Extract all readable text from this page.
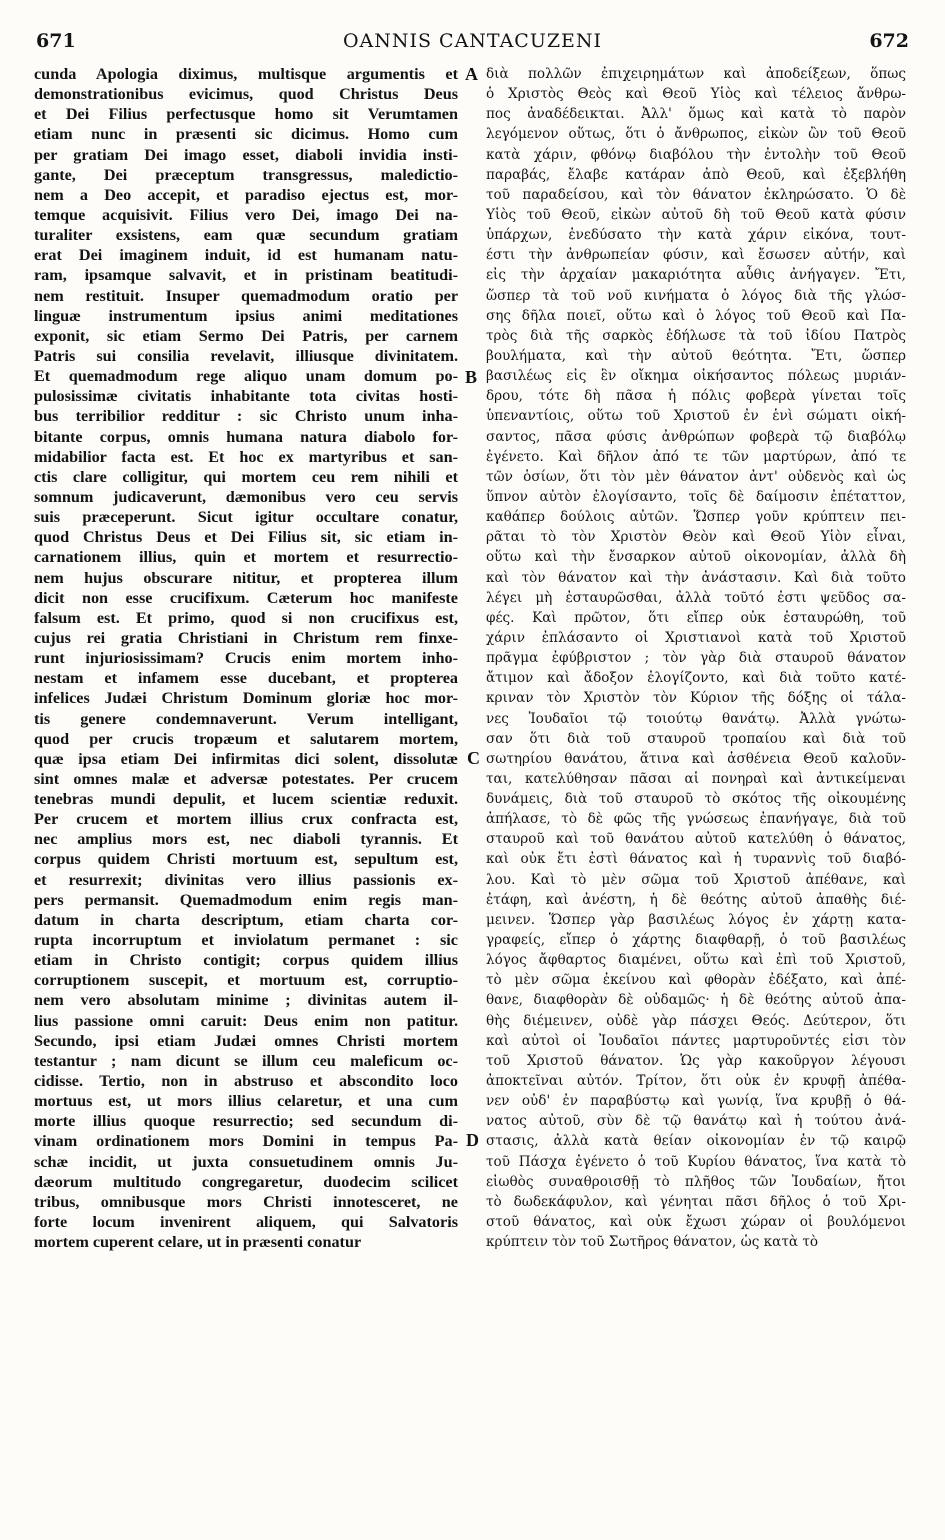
671	OANNIS CANTACUZENI	672
cunda Apologia diximus, multisque argumentis et
demonstrationibus evicimus, quod Christus Deus
et Dei Filius perfectusque homo sit Verumtamen
etiam nunc in præsenti sic dicimus. Homo cum
per gratiam Dei imago esset, diaboli invidia insti-
gante, Dei præceptum transgressus, maledictio-
nem a Deo accepit, et paradiso ejectus est, mor-
temque acquisivit. Filius vero Dei, imago Dei na-
turaliter exsistens, eam quæ secundum gratiam
erat Dei imaginem induit, id est humanam natu-
ram, ipsamque salvavit, et in pristinam beatitudi-
nem restituit. Insuper quemadmodum oratio per
linguæ instrumentum ipsius animi meditationes
exponit, sic etiam Sermo Dei Patris, per carnem
Patris sui consilia revelavit, illiusque divinitatem.
Et quemadmodum rege aliquo unam domum po-
pulosissimæ civitatis inhabitante tota civitas hosti-
bus terribilior redditur : sic Christo unum inha-
bitante corpus, omnis humana natura diabolo for-
midabilior facta est. Et hoc ex martyribus et san-
ctis clare colligitur, qui mortem ceu rem nihili et
somnum judicaverunt, dæmonibus vero ceu servis
suis præceperunt. Sicut igitur occultare conatur,
quod Christus Deus et Dei Filius sit, sic etiam in-
carnationem illius, quin et mortem et resurrectio-
nem hujus obscurare nititur, et propterea illum
dicit non esse crucifixum. Cæterum hoc manifeste
falsum est. Et primo, quod si non crucifixus est,
cujus rei gratia Christiani in Christum rem finxe-
runt injuriosissimam? Crucis enim mortem inho-
nestam et infamem esse ducebant, et propterea
infelices Judæi Christum Dominum gloriæ hoc mor-
tis genere condemnaverunt. Verum intelligant,
quod per crucis tropæum et salutarem mortem,
quæ ipsa etiam Dei infirmitas dici solent, dissolutæ
sint omnes malæ et adversæ potestates. Per crucem
tenebras mundi depulit, et lucem scientiæ reduxit.
Per crucem et mortem illius crux confracta est,
nec amplius mors est, nec diaboli tyrannis. Et
corpus quidem Christi mortuum est, sepultum est,
et resurrexit; divinitas vero illius passionis ex-
pers permansit. Quemadmodum enim regis man-
datum in charta descriptum, etiam charta cor-
rupta incorruptum et inviolatum permanet : sic
etiam in Christo contigit; corpus quidem illius
corruptionem suscepit, et mortuum est, corruptio-
nem vero absolutam minime ; divinitas autem il-
lius passione omni caruit: Deus enim non patitur.
Secundo, ipsi etiam Judæi omnes Christi mortem
testantur ; nam dicunt se illum ceu maleficum oc-
cidisse. Tertio, non in abstruso et abscondito loco
mortuus est, ut mors illius celaretur, et una cum
morte illius quoque resurrectio; sed secundum di-
vinam ordinationem mors Domini in tempus Pa-
schæ incidit, ut juxta consuetudinem omnis Ju-
dæorum multitudo congregaretur, duodecim scilicet
tribus, omnibusque mors Christi innotesceret, ne
forte locum invenirent aliquem, qui Salvatoris
mortem cuperent celare, ut in præsenti conatur
διὰ πολλῶν ἐπιχειρημάτων καὶ ἀποδείξεων, ὅπως
ὁ Χριστὸς Θεὸς καὶ Θεοῦ Υἱὸς καὶ τέλειος ἄνθρω-
πος ἀναδέδεικται. Ἀλλ' ὅμως καὶ κατὰ τὸ παρὸν
λεγόμενον οὕτως, ὅτι ὁ ἄνθρωπος, εἰκὼν ὢν τοῦ Θεοῦ
κατὰ χάριν, φθόνῳ διαβόλου τὴν ἐντολὴν τοῦ Θεοῦ
παραβάς, ἔλαβε κατάραν ἀπὸ Θεοῦ, καὶ ἐξεβλήθη
τοῦ παραδείσου, καὶ τὸν θάνατον ἐκληρώσατο. Ὁ δὲ
Υἱὸς τοῦ Θεοῦ, εἰκὼν αὐτοῦ δὴ τοῦ Θεοῦ κατὰ φύσιν
ὑπάρχων, ἐνεδύσατο τὴν κατὰ χάριν εἰκόνα, τουτ-
έστι τὴν ἀνθρωπείαν φύσιν, καὶ ἔσωσεν αὐτήν, καὶ
εἰς τὴν ἀρχαίαν μακαριότητα αὖθις ἀνήγαγεν. Ἔτι,
ὥσπερ τὰ τοῦ νοῦ κινήματα ὁ λόγος διὰ τῆς γλώσ-
σης δῆλα ποιεῖ, οὕτω καὶ ὁ λόγος τοῦ Θεοῦ καὶ Πα-
τρὸς διὰ τῆς σαρκὸς ἐδήλωσε τὰ τοῦ ἰδίου Πατρὸς
βουλήματα, καὶ τὴν αὐτοῦ θεότητα. Ἔτι, ὥσπερ
βασιλέως εἰς ἓν οἴκημα οἰκήσαντος πόλεως μυριάν-
δρου, τότε δὴ πᾶσα ἡ πόλις φοβερὰ γίνεται τοῖς
ὑπεναντίοις, οὕτω τοῦ Χριστοῦ ἐν ἑνὶ σώματι οἰκή-
σαντος, πᾶσα φύσις ἀνθρώπων φοβερὰ τῷ διαβόλῳ
ἐγένετο. Καὶ δῆλον ἀπό τε τῶν μαρτύρων, ἀπό τε
τῶν ὁσίων, ὅτι τὸν μὲν θάνατον ἀντ' οὐδενὸς καὶ ὡς
ὕπνον αὐτὸν ἐλογίσαντο, τοῖς δὲ δαίμοσιν ἐπέταττον,
καθάπερ δούλοις αὐτῶν. Ὥσπερ γοῦν κρύπτειν πει-
ρᾶται τὸ τὸν Χριστὸν Θεὸν καὶ Θεοῦ Υἱὸν εἶναι,
οὕτω καὶ τὴν ἔνσαρκον αὐτοῦ οἰκονομίαν, ἀλλὰ δὴ
καὶ τὸν θάνατον καὶ τὴν ἀνάστασιν. Καὶ διὰ τοῦτο
λέγει μὴ ἐσταυρῶσθαι, ἀλλὰ τοῦτό ἐστι ψεῦδος σα-
φές. Καὶ πρῶτον, ὅτι εἴπερ οὐκ ἐσταυρώθη, τοῦ
χάριν ἐπλάσαντο οἱ Χριστιανοὶ κατὰ τοῦ Χριστοῦ
πρᾶγμα ἐφύβριστον ; τὸν γὰρ διὰ σταυροῦ θάνατον
ἄτιμον καὶ ἄδοξον ἐλογίζοντο, καὶ διὰ τοῦτο κατέ-
κριναν τὸν Χριστὸν τὸν Κύριον τῆς δόξης οἱ τάλα-
νες Ἰουδαῖοι τῷ τοιούτῳ θανάτῳ. Ἀλλὰ γνώτω-
σαν ὅτι διὰ τοῦ σταυροῦ τροπαίου καὶ διὰ τοῦ
σωτηρίου θανάτου, ἅτινα καὶ ἀσθένεια Θεοῦ καλοῦν-
ται, κατελύθησαν πᾶσαι αἱ πονηραὶ καὶ ἀντικείμεναι
δυνάμεις, διὰ τοῦ σταυροῦ τὸ σκότος τῆς οἰκουμένης
ἀπήλασε, τὸ δὲ φῶς τῆς γνώσεως ἐπανήγαγε, διὰ τοῦ
σταυροῦ καὶ τοῦ θανάτου αὐτοῦ κατελύθη ὁ θάνατος,
καὶ οὐκ ἔτι ἐστὶ θάνατος καὶ ἡ τυραννὶς τοῦ διαβό-
λου. Καὶ τὸ μὲν σῶμα τοῦ Χριστοῦ ἀπέθανε, καὶ
ἐτάφη, καὶ ἀνέστη, ἡ δὲ θεότης αὐτοῦ ἀπαθὴς διέ-
μεινεν. Ὥσπερ γὰρ βασιλέως λόγος ἐν χάρτῃ κατα-
γραφείς, εἴπερ ὁ χάρτης διαφθαρῇ, ὁ τοῦ βασιλέως
λόγος ἄφθαρτος διαμένει, οὕτω καὶ ἐπὶ τοῦ Χριστοῦ,
τὸ μὲν σῶμα ἐκείνου καὶ φθορὰν ἐδέξατο, καὶ ἀπέ-
θανε, διαφθορὰν δὲ οὐδαμῶς· ἡ δὲ θεότης αὐτοῦ ἀπα-
θὴς διέμεινεν, οὐδὲ γὰρ πάσχει Θεός. Δεύτερον, ὅτι
καὶ αὐτοὶ οἱ Ἰουδαῖοι πάντες μαρτυροῦντές εἰσι τὸν
τοῦ Χριστοῦ θάνατον. Ὡς γὰρ κακοῦργον λέγουσι
ἀποκτεῖναι αὐτόν. Τρίτον, ὅτι οὐκ ἐν κρυφῇ ἀπέθα-
νεν οὐδ' ἐν παραβύστῳ καὶ γωνίᾳ, ἵνα κρυβῇ ὁ θά-
νατος αὐτοῦ, σὺν δὲ τῷ θανάτῳ καὶ ἡ τούτου ἀνά-
στασις, ἀλλὰ κατὰ θείαν οἰκονομίαν ἐν τῷ καιρῷ
τοῦ Πάσχα ἐγένετο ὁ τοῦ Κυρίου θάνατος, ἵνα κατὰ τὸ
εἰωθὸς συναθροισθῇ τὸ πλῆθος τῶν Ἰουδαίων, ἤτοι
τὸ δωδεκάφυλον, καὶ γένηται πᾶσι δῆλος ὁ τοῦ Χρι-
στοῦ θάνατος, καὶ οὐκ ἔχωσι χώραν οἱ βουλόμενοι
κρύπτειν τὸν τοῦ Σωτῆρος θάνατον, ὡς κατὰ τὸ
A
B
C
D
